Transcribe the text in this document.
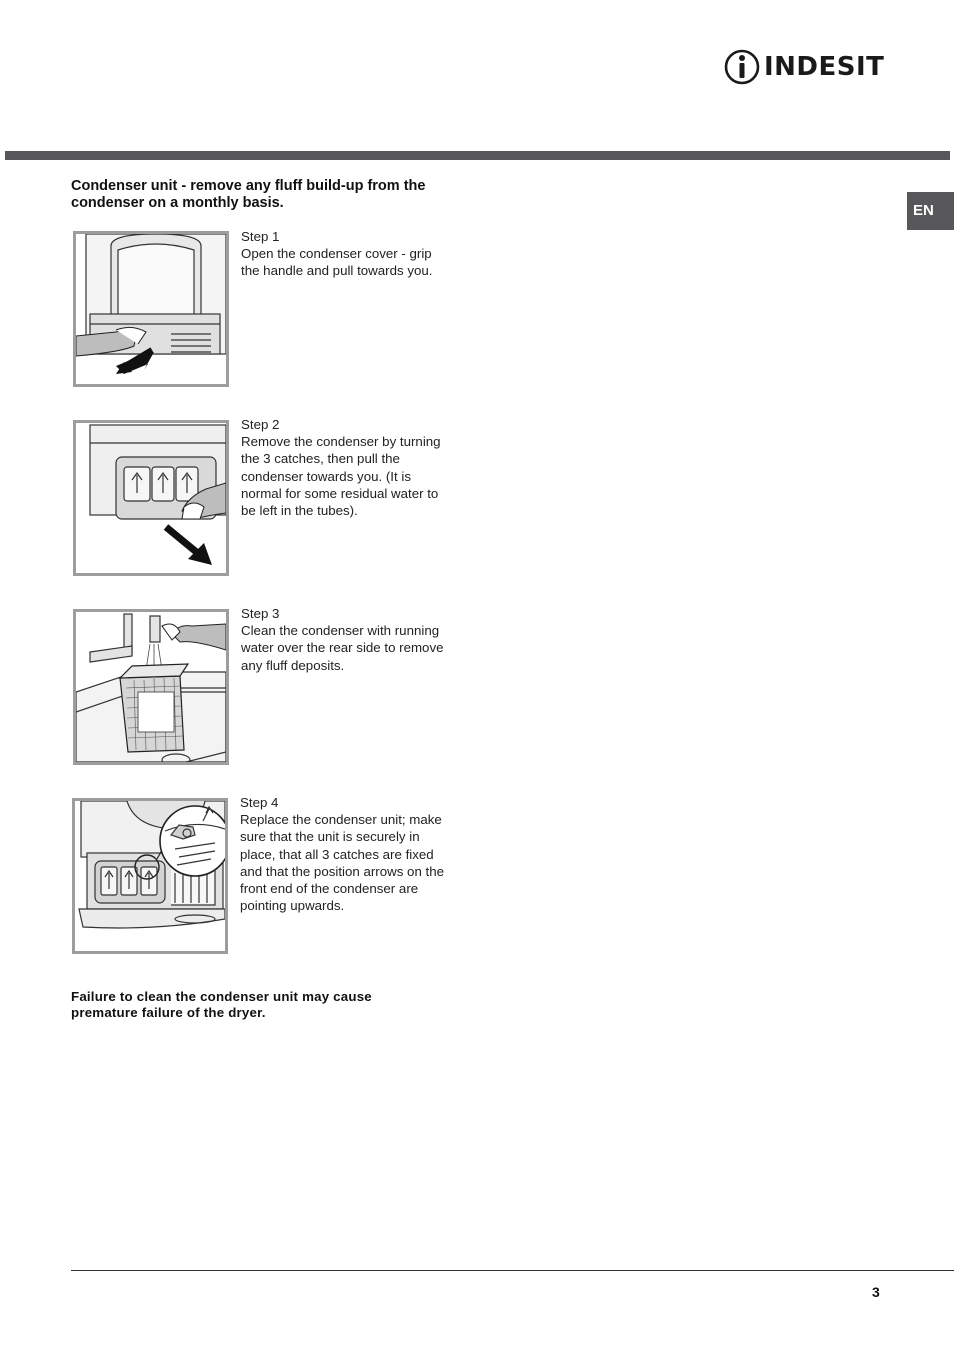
INDESIT
EN
Condenser unit - remove any fluff build-up from the condenser on a monthly basis.
Step 1
Open the condenser cover - grip the handle and pull towards you.
Step 2
Remove the condenser by turning the 3 catches, then pull the condenser towards you. (It is normal for some residual water to be left in the tubes).
Step 3
Clean the condenser with running water over the rear side to remove any fluff deposits.
Step 4
Replace the condenser unit; make sure that the unit is securely in place, that all 3 catches are fixed and that the position arrows on the front end of the condenser are pointing upwards.
Failure to clean the condenser unit may cause premature failure of the dryer.
3
